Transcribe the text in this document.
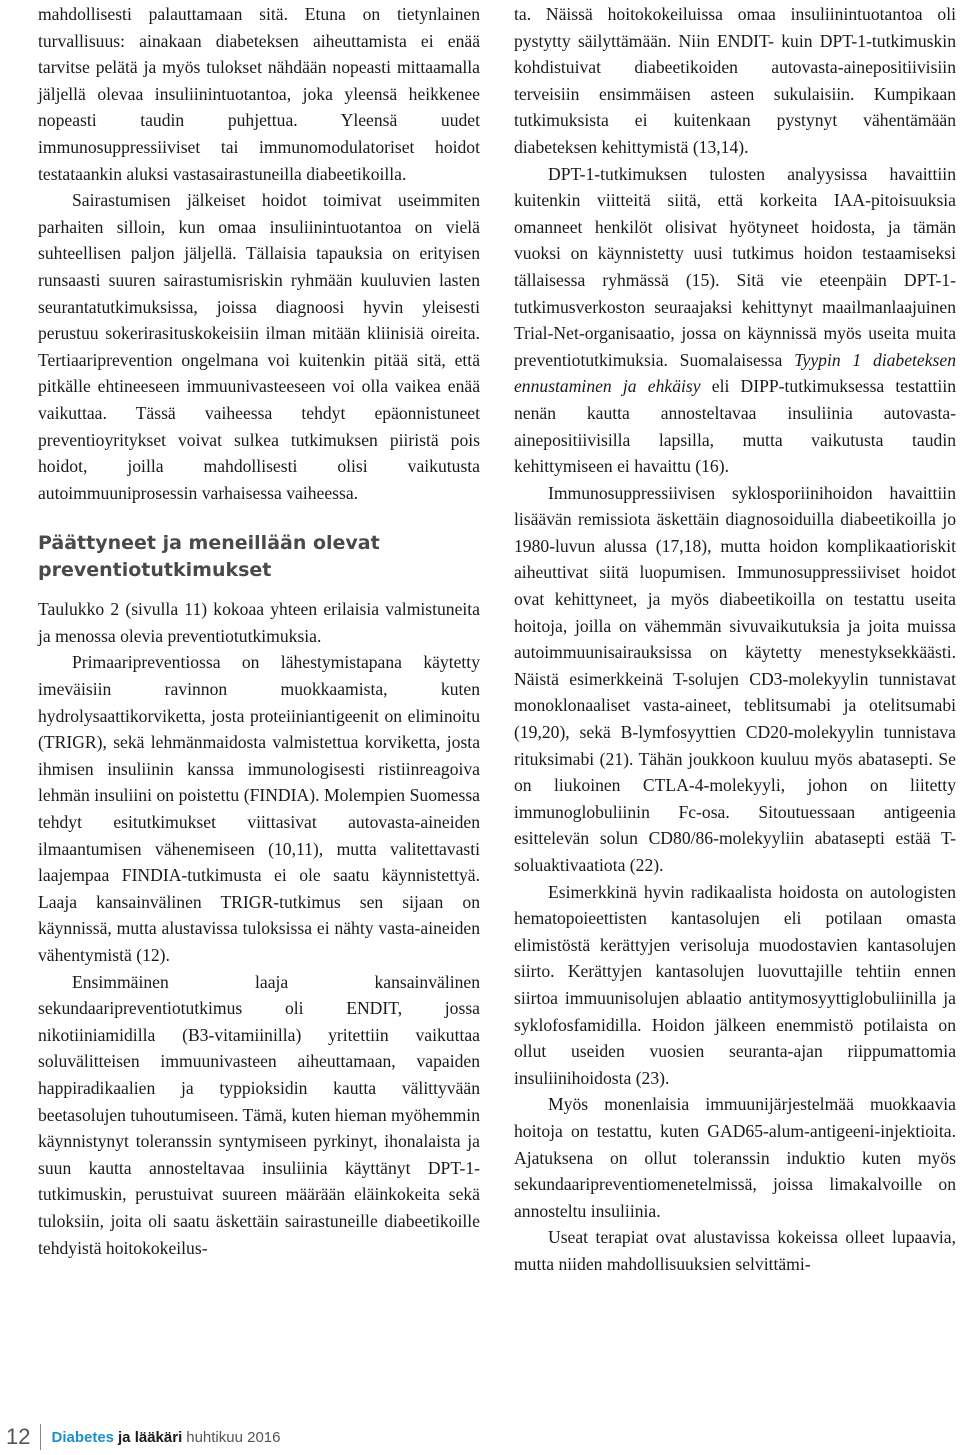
mahdollisesti palauttamaan sitä. Etuna on tietynlainen turvallisuus: ainakaan diabeteksen aiheuttamista ei enää tarvitse pelätä ja myös tulokset nähdään nopeasti mittaamalla jäljellä olevaa insuliinintuotantoa, joka yleensä heikkenee nopeasti taudin puhjettua. Yleensä uudet immunosuppressiiviset tai immunomodulatoriset hoidot testataankin aluksi vastasairastuneilla diabeetikoilla.

Sairastumisen jälkeiset hoidot toimivat useimmiten parhaiten silloin, kun omaa insuliinintuotantoa on vielä suhteellisen paljon jäljellä. Tällaisia tapauksia on erityisen runsaasti suuren sairastumisriskin ryhmään kuuluvien lasten seurantatutkimuksissa, joissa diagnoosi hyvin yleisesti perustuu sokerirasituskokeisiin ilman mitään kliinisiä oireita. Tertiaariprevention ongelmana voi kuitenkin pitää sitä, että pitkälle ehtineeseen immuunivasteeseen voi olla vaikea enää vaikuttaa. Tässä vaiheessa tehdyt epäonnistuneet preventioyritykset voivat sulkea tutkimuksen piiristä pois hoidot, joilla mahdollisesti olisi vaikutusta autoimmuuniprosessin varhaisessa vaiheessa.

Päättyneet ja meneillään olevat preventiotutkimukset

Taulukko 2 (sivulla 11) kokoaa yhteen erilaisia valmistuneita ja menossa olevia preventiotutkimuksia.

Primaaripreventiossa on lähestymistapana käytetty imeväisiin ravinnon muokkaamista, kuten hydrolysaattikorviketta, josta proteiiniantigeenit on eliminoitu (TRIGR), sekä lehmänmaidosta valmistettua korviketta, josta ihmisen insuliinin kanssa immunologisesti ristiinreagoiva lehmän insuliini on poistettu (FINDIA). Molempien Suomessa tehdyt esitutkimukset viittasivat autovasta-aineiden ilmaantumisen vähenemiseen (10,11), mutta valitettavasti laajempaa FINDIA-tutkimusta ei ole saatu käynnistettyä. Laaja kansainvälinen TRIGR-tutkimus sen sijaan on käynnissä, mutta alustavissa tuloksissa ei nähty vasta-aineiden vähentymistä (12).

Ensimmäinen laaja kansainvälinen sekundaaripreventiotutkimus oli ENDIT, jossa nikotiiniamidilla (B3-vitamiinilla) yritettiin vaikuttaa soluvälitteisen immuunivasteen aiheuttamaan, vapaiden happiradikaalien ja typpioksidin kautta välittyvään beetasolujen tuhoutumiseen. Tämä, kuten hieman myöhemmin käynnistynyt toleranssin syntymiseen pyrkinyt, ihonalaista ja suun kautta annosteltavaa insuliinia käyttänyt DPT-1-tutkimuskin, perustuivat suureen määrään eläinkokeita sekä tuloksiin, joita oli saatu äskettäin sairastuneille diabeetikoille tehdyistä hoitokokeilus-

ta. Näissä hoitokokeiluissa omaa insuliinintuotantoa oli pystytty säilyttämään. Niin ENDIT- kuin DPT-1-tutkimuskin kohdistuivat diabeetikoiden autovasta-ainepositiivisiin terveisiin ensimmäisen asteen sukulaisiin. Kumpikaan tutkimuksista ei kuitenkaan pystynyt vähentämään diabeteksen kehittymistä (13,14).

DPT-1-tutkimuksen tulosten analyysissa havaittiin kuitenkin viitteitä siitä, että korkeita IAA-pitoisuuksia omanneet henkilöt olisivat hyötyneet hoidosta, ja tämän vuoksi on käynnistetty uusi tutkimus hoidon testaamiseksi tällaisessa ryhmässä (15). Sitä vie eteenpäin DPT-1-tutkimusverkoston seuraajaksi kehittynyt maailmanlaajuinen Trial-Net-organisaatio, jossa on käynnissä myös useita muita preventiotutkimuksia. Suomalaisessa Tyypin 1 diabeteksen ennustaminen ja ehkäisy eli DIPP-tutkimuksessa testattiin nenän kautta annosteltavaa insuliinia autovasta-ainepositiivisilla lapsilla, mutta vaikutusta taudin kehittymiseen ei havaittu (16).

Immunosuppressiivisen syklosporiinihoidon havaittiin lisäävän remissiota äskettäin diagnosoiduilla diabeetikoilla jo 1980-luvun alussa (17,18), mutta hoidon komplikaatioriskit aiheuttivat siitä luopumisen. Immunosuppressiiviset hoidot ovat kehittyneet, ja myös diabeetikoilla on testattu useita hoitoja, joilla on vähemmän sivuvaikutuksia ja joita muissa autoimmuunisairauksissa on käytetty menestyksekkäästi. Näistä esimerkkeinä T-solujen CD3-molekyylin tunnistavat monoklonaaliset vasta-aineet, teblitsumabi ja otelitsumabi (19,20), sekä B-lymfosyyttien CD20-molekyylin tunnistava rituksimabi (21). Tähän joukkoon kuuluu myös abatasepti. Se on liukoinen CTLA-4-molekyyli, johon on liitetty immunoglobuliinin Fc-osa. Sitoutuessaan antigeenia esittelevän solun CD80/86-molekyyliin abatasepti estää T-soluaktivaatiota (22).

Esimerkkinä hyvin radikaalista hoidosta on autologisten hematopoieettisten kantasolujen eli potilaan omasta elimistöstä kerättyjen verisoluja muodostavien kantasolujen siirto. Kerättyjen kantasolujen luovuttajille tehtiin ennen siirtoa immuunisolujen ablaatio antitymosyyttiglobuliinilla ja syklofosfamidilla. Hoidon jälkeen enemmistö potilaista on ollut useiden vuosien seuranta-ajan riippumattomia insuliinihoidosta (23).

Myös monenlaisia immuunijärjestelmää muokkaavia hoitoja on testattu, kuten GAD65-alum-antigeeni-injektioita. Ajatuksena on ollut toleranssin induktio kuten myös sekundaaripreventiomenetelmissä, joissa limakalvoille on annosteltu insuliinia.

Useat terapiat ovat alustavissa kokeissa olleet lupaavia, mutta niiden mahdollisuuksien selvittämi-

12 Diabetes ja lääkäri huhtikuu 2016
